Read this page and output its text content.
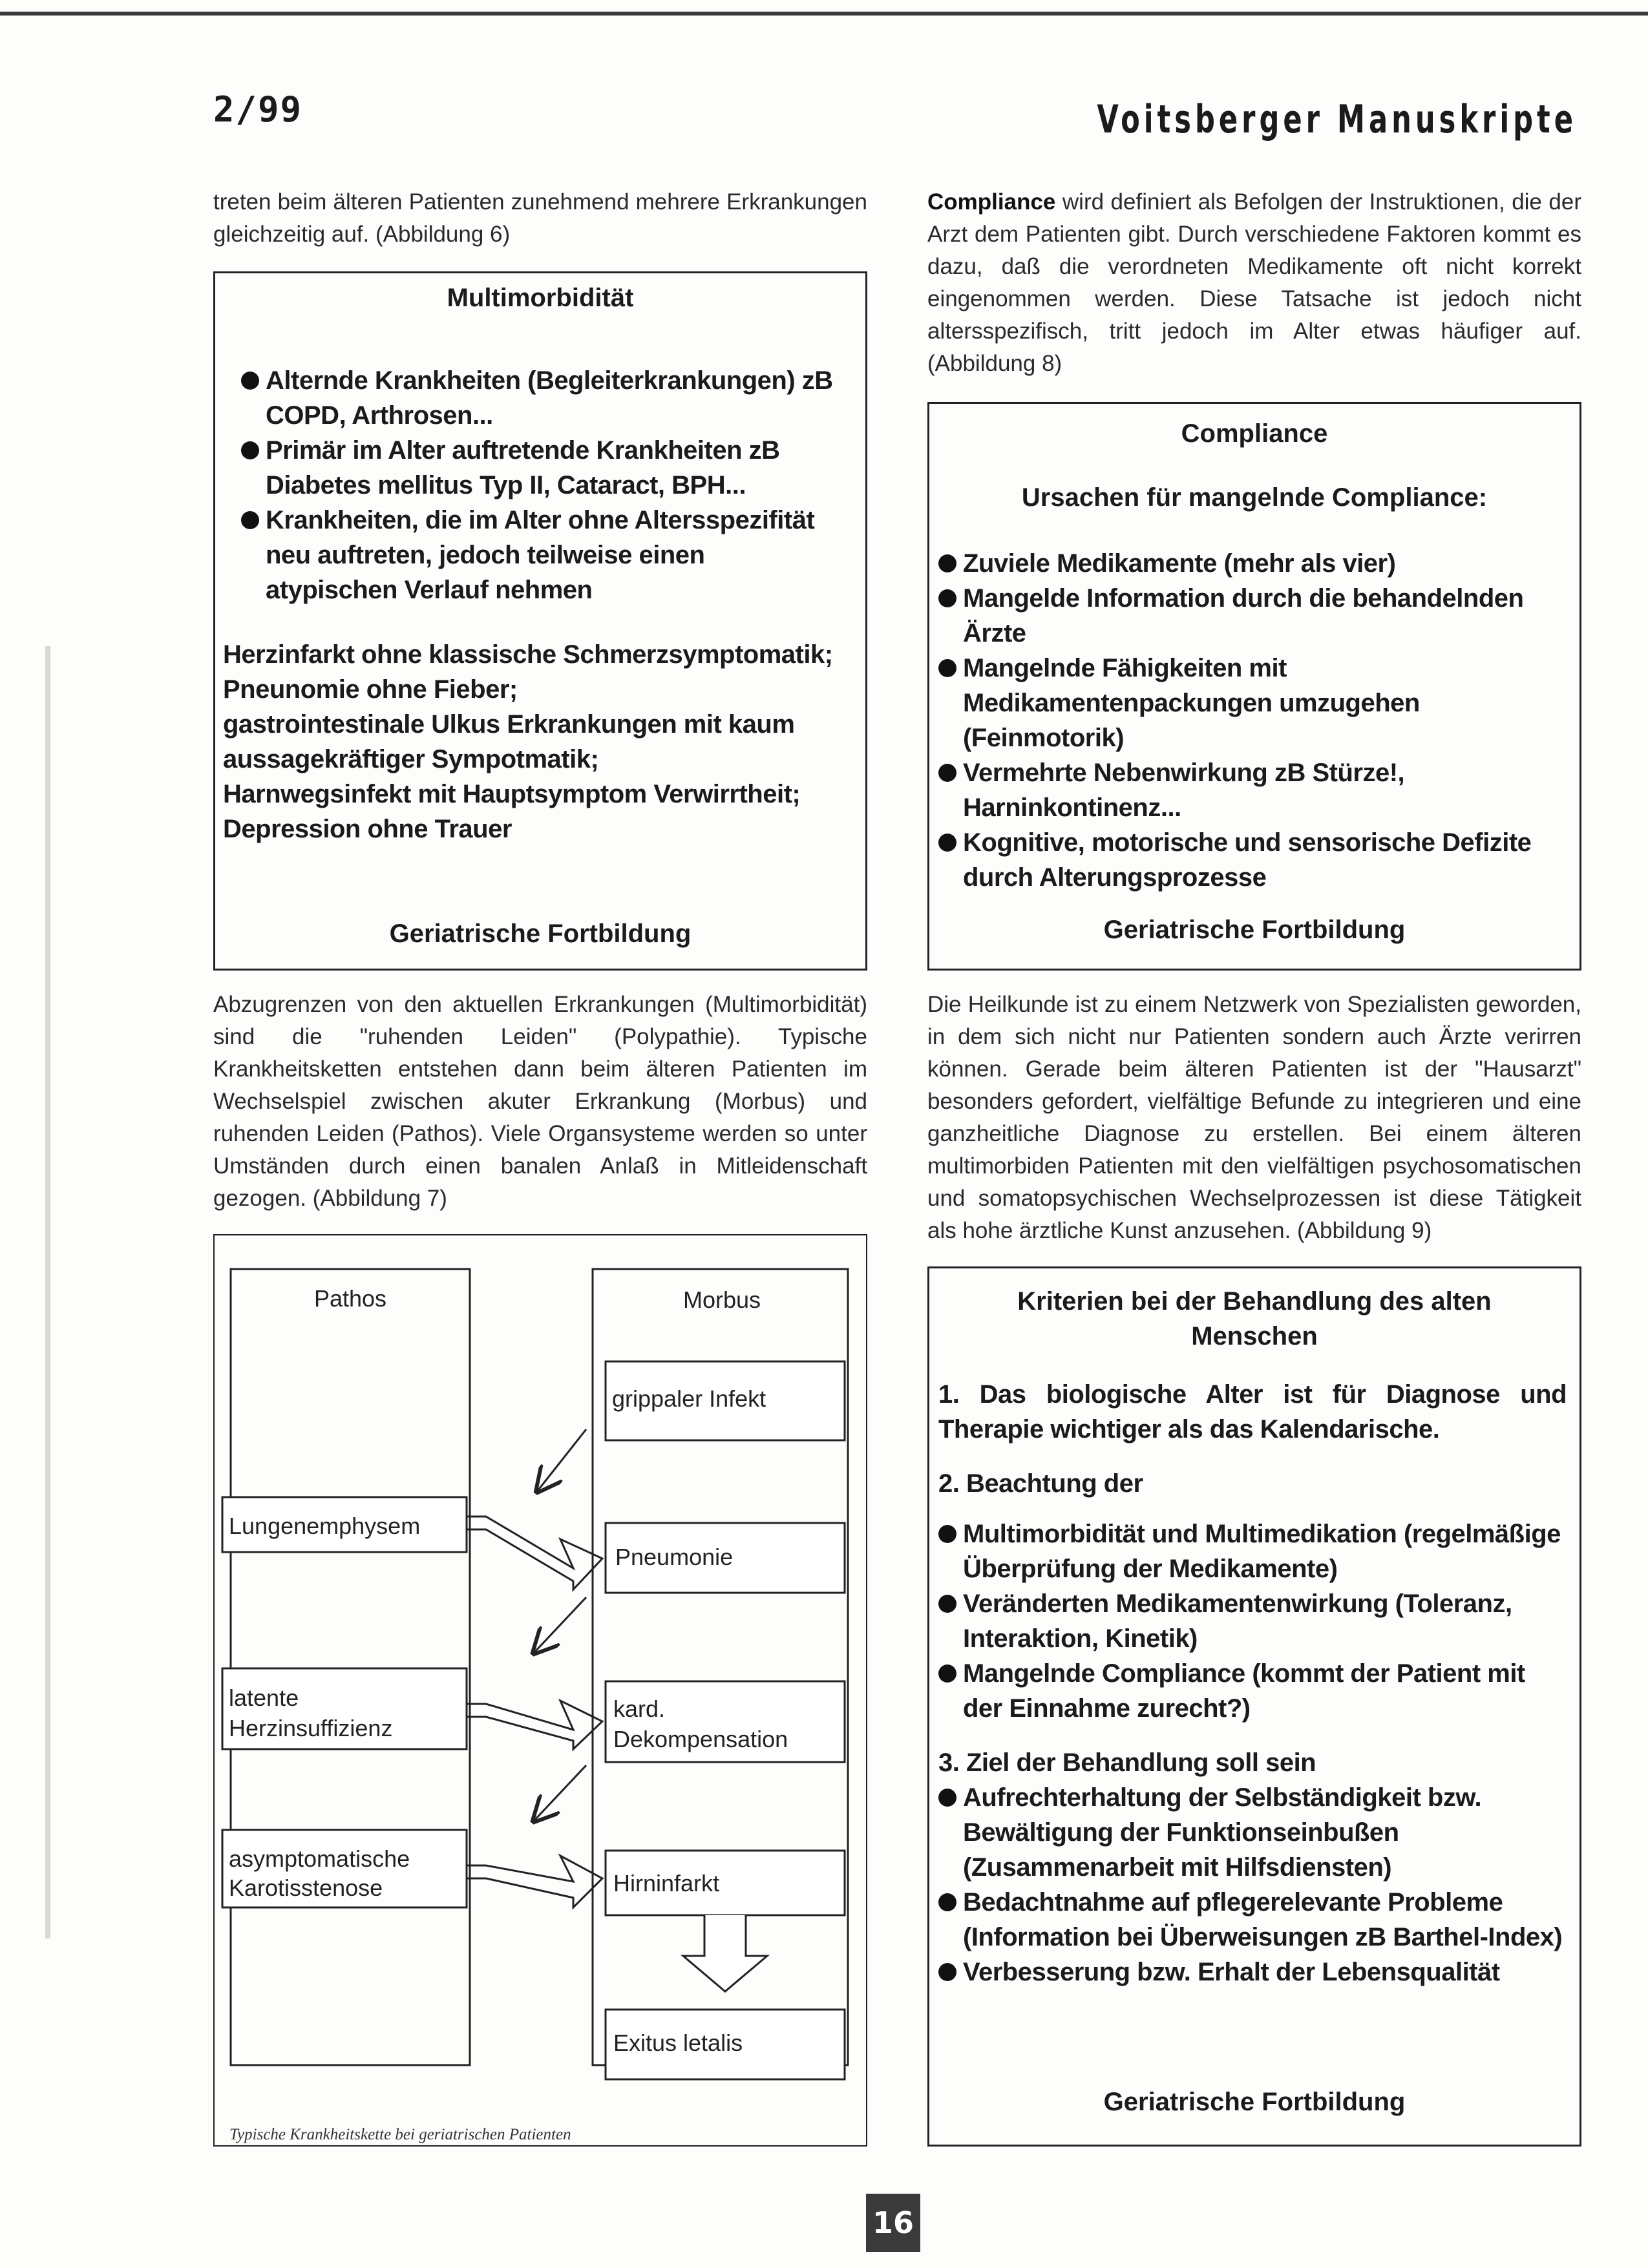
2/99	Voitsberger Manuskripte
treten beim älteren Patienten zunehmend mehrere Erkrankungen gleichzeitig auf. (Abbildung 6)
Multimorbidität
Alternde Krankheiten (Begleiterkrankungen) zB COPD, Arthrosen...
Primär im Alter auftretende Krankheiten zB Diabetes mellitus Typ II, Cataract, BPH...
Krankheiten, die im Alter ohne Altersspezifität neu auftreten, jedoch teilweise einen atypischen Verlauf nehmen
Herzinfarkt ohne klassische Schmerzsymptomatik;
Pneunomie ohne Fieber;
gastrointestinale Ulkus Erkrankungen mit kaum aussagekräftiger Sympotmatik;
Harnwegsinfekt mit Hauptsymptom Verwirrtheit;
Depression ohne Trauer
Geriatrische Fortbildung
Abzugrenzen von den aktuellen Erkrankungen (Multimorbidität) sind die "ruhenden Leiden" (Polypathie). Typische Krankheitsketten entstehen dann beim älteren Patienten im Wechselspiel zwischen akuter Erkrankung (Morbus) und ruhenden Leiden (Pathos). Viele Organsysteme werden so unter Umständen durch einen banalen Anlaß in Mitleidenschaft gezogen. (Abbildung 7)
Pathos	Morbus
grippaler Infekt
Pneumonie
kard.
Dekompensation
Hirninfarkt
Exitus letalis
Lungenemphysem
latente
Herzinsuffizienz
asymptomatische
Karotisstenose
Typische Krankheitskette bei geriatrischen Patienten
Compliance wird definiert als Befolgen der Instruktionen, die der Arzt dem Patienten gibt. Durch verschiedene Faktoren kommt es dazu, daß die verordneten Medikamente oft nicht korrekt eingenommen werden. Diese Tatsache ist jedoch nicht altersspezifisch, tritt jedoch im Alter etwas häufiger auf. (Abbildung 8)
Compliance
Ursachen für mangelnde Compliance:
Zuviele Medikamente (mehr als vier)
Mangelde Information durch die behandelnden Ärzte
Mangelnde Fähigkeiten mit Medikamentenpackungen umzugehen (Feinmotorik)
Vermehrte Nebenwirkung zB Stürze!, Harninkontinenz...
Kognitive, motorische und sensorische Defizite durch Alterungsprozesse
Geriatrische Fortbildung
Die Heilkunde ist zu einem Netzwerk von Spezialisten geworden, in dem sich nicht nur Patienten sondern auch Ärzte verirren können. Gerade beim älteren Patienten ist der "Hausarzt" besonders gefordert, vielfältige Befunde zu integrieren und eine ganzheitliche Diagnose zu erstellen. Bei einem älteren multimorbiden Patienten mit den vielfältigen psychosomatischen und somatopsychischen Wechselprozessen ist diese Tätigkeit als hohe ärztliche Kunst anzusehen. (Abbildung 9)
Kriterien bei der Behandlung des alten Menschen
1. Das biologische Alter ist für Diagnose und Therapie wichtiger als das Kalendarische.
2. Beachtung der
Multimorbidität und Multimedikation (regelmäßige Überprüfung der Medikamente)
Veränderten Medikamentenwirkung (Toleranz, Interaktion, Kinetik)
Mangelnde Compliance (kommt der Patient mit der Einnahme zurecht?)
3. Ziel der Behandlung soll sein
Aufrechterhaltung der Selbständigkeit bzw. Bewältigung der Funktionseinbußen (Zusammenarbeit mit Hilfsdiensten)
Bedachtnahme auf pflegerelevante Probleme (Information bei Überweisungen zB Barthel-Index)
Verbesserung bzw. Erhalt der Lebensqualität
Geriatrische Fortbildung
16
